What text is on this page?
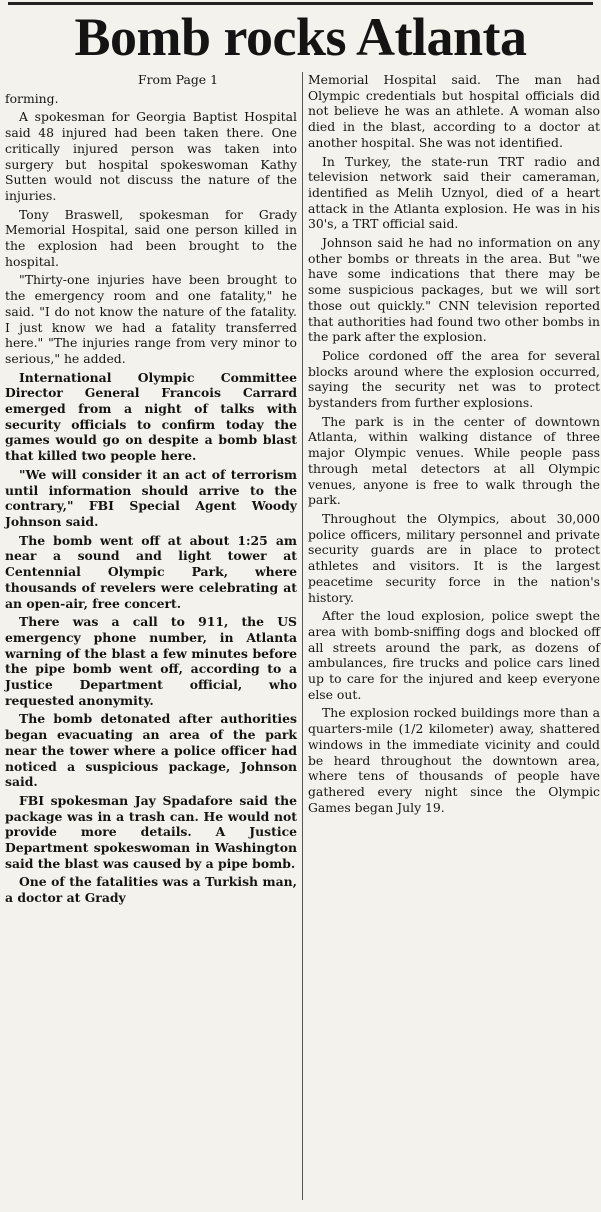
Bomb rocks Atlanta

From Page 1

forming.

A spokesman for Georgia Baptist Hospital said 48 injured had been taken there. One critically injured person was taken into surgery but hospital spokeswoman Kathy Sutten would not discuss the nature of the injuries.

Tony Braswell, spokesman for Grady Memorial Hospital, said one person killed in the explosion had been brought to the hospital.

"Thirty-one injuries have been brought to the emergency room and one fatality," he said. "I do not know the nature of the fatality. I just know we had a fatality transferred here." "The injuries range from very minor to serious," he added.

International Olympic Committee Director General Francois Carrard emerged from a night of talks with security officials to confirm today the games would go on despite a bomb blast that killed two people here.

"We will consider it an act of terrorism until information should arrive to the contrary," FBI Special Agent Woody Johnson said.

The bomb went off at about 1:25 am near a sound and light tower at Centennial Olympic Park, where thousands of revelers were celebrating at an open-air, free concert.

There was a call to 911, the US emergency phone number, in Atlanta warning of the blast a few minutes before the pipe bomb went off, according to a Justice Department official, who requested anonymity.

The bomb detonated after authorities began evacuating an area of the park near the tower where a police officer had noticed a suspicious package, Johnson said.

FBI spokesman Jay Spadafore said the package was in a trash can. He would not provide more details. A Justice Department spokeswoman in Washington said the blast was caused by a pipe bomb.

One of the fatalities was a Turkish man, a doctor at Grady

Memorial Hospital said. The man had Olympic credentials but hospital officials did not believe he was an athlete. A woman also died in the blast, according to a doctor at another hospital. She was not identified.

In Turkey, the state-run TRT radio and television network said their cameraman, identified as Melih Uznyol, died of a heart attack in the Atlanta explosion. He was in his 30's, a TRT official said.

Johnson said he had no information on any other bombs or threats in the area. But "we have some indications that there may be some suspicious packages, but we will sort those out quickly." CNN television reported that authorities had found two other bombs in the park after the explosion.

Police cordoned off the area for several blocks around where the explosion occurred, saying the security net was to protect bystanders from further explosions.

The park is in the center of downtown Atlanta, within walking distance of three major Olympic venues. While people pass through metal detectors at all Olympic venues, anyone is free to walk through the park.

Throughout the Olympics, about 30,000 police officers, military personnel and private security guards are in place to protect athletes and visitors. It is the largest peacetime security force in the nation's history.

After the loud explosion, police swept the area with bomb-sniffing dogs and blocked off all streets around the park, as dozens of ambulances, fire trucks and police cars lined up to care for the injured and keep everyone else out.

The explosion rocked buildings more than a quarters-mile (1/2 kilometer) away, shattered windows in the immediate vicinity and could be heard throughout the downtown area, where tens of thousands of people have gathered every night since the Olympic Games began July 19.
